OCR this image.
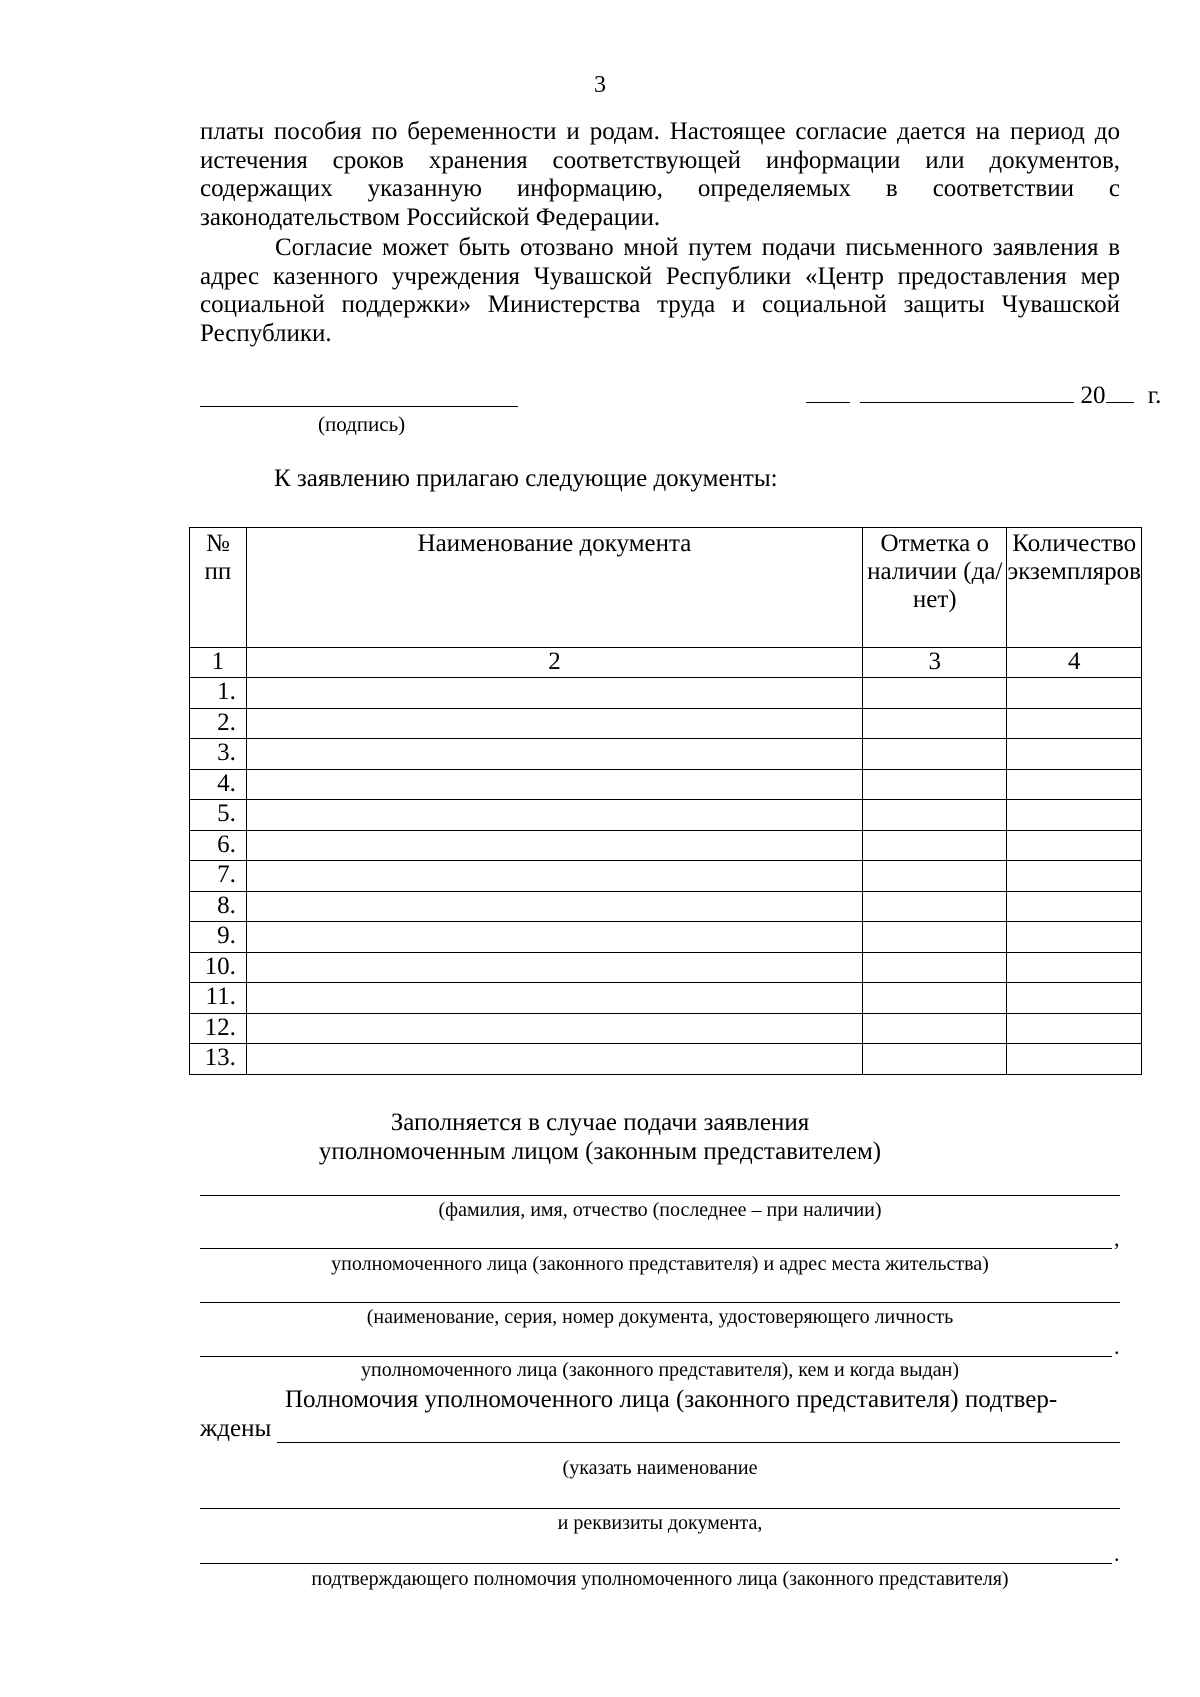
3

платы пособия по беременности и родам. Настоящее согласие дается на период до истечения сроков хранения соответствующей информации или документов, содержащих указанную информацию, определяемых в соответствии с законодательством Российской Федерации.

Согласие может быть отозвано мной путем подачи письменного заявления в адрес казенного учреждения Чувашской Республики «Центр предоставления мер социальной поддержки» Министерства труда и социальной защиты Чувашской Республики.

(подпись)
20 г.
К заявлению прилагаю следующие документы:
№ пп	Наименование документа	Отметка о наличии (да/нет)	Количество экземпляров
1	2	3	4
1.			
2.			
3.			
4.			
5.			
6.			
7.			
8.			
9.			
10.			
11.			
12.			
13.			
Заполняется в случае подачи заявления
уполномоченным лицом (законным представителем)
(фамилия, имя, отчество (последнее – при наличии)
,
уполномоченного лица (законного представителя) и адрес места жительства)
(наименование, серия, номер документа, удостоверяющего личность
.
уполномоченного лица (законного представителя), кем и когда выдан)
Полномочия уполномоченного лица (законного представителя) подтвер-
ждены
(указать наименование
и реквизиты документа,
.
подтверждающего полномочия уполномоченного лица (законного представителя)
